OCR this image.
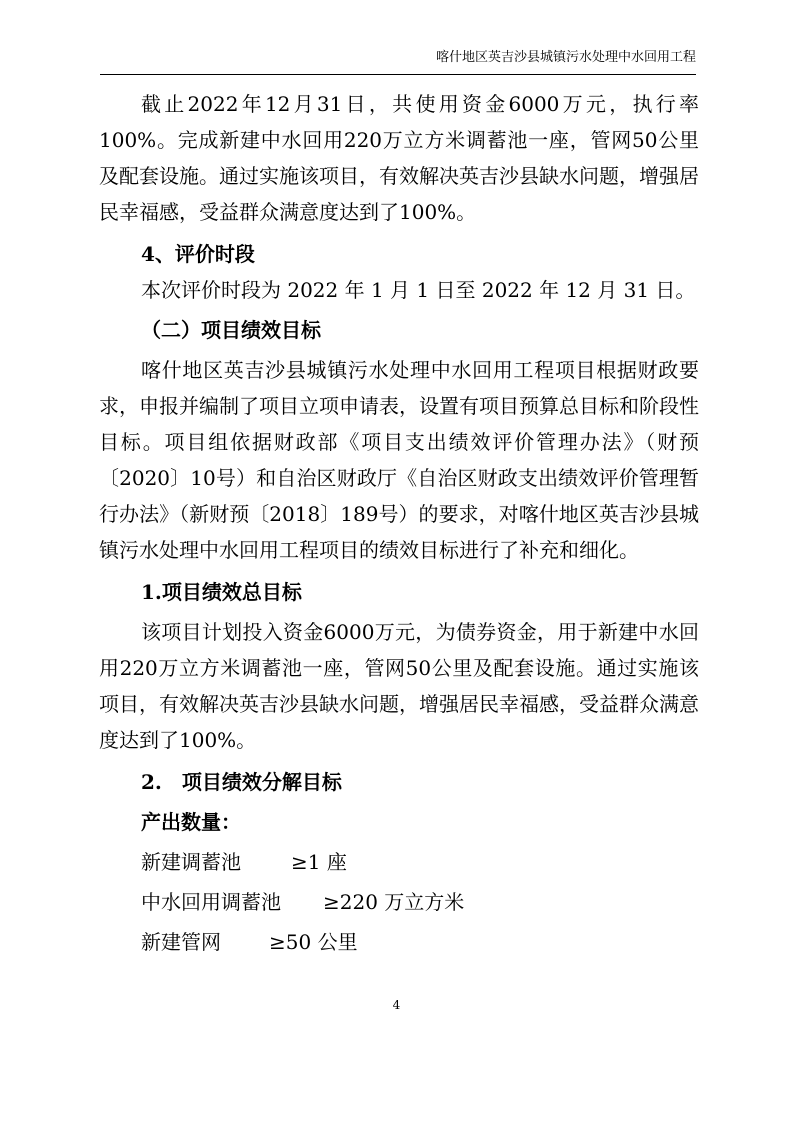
喀什地区英吉沙县城镇污水处理中水回用工程

截止2022年12月31日，共使用资金6000万元，执行率100%。完成新建中水回用220万立方米调蓄池一座，管网50公里及配套设施。通过实施该项目，有效解决英吉沙县缺水问题，增强居民幸福感，受益群众满意度达到了100%。

4、评价时段

本次评价时段为 2022 年 1 月 1 日至 2022 年 12 月 31 日。

（二）项目绩效目标

喀什地区英吉沙县城镇污水处理中水回用工程项目根据财政要求，申报并编制了项目立项申请表，设置有项目预算总目标和阶段性目标。项目组依据财政部《项目支出绩效评价管理办法》（财预〔2020〕10号）和自治区财政厅《自治区财政支出绩效评价管理暂行办法》（新财预〔2018〕189号）的要求，对喀什地区英吉沙县城镇污水处理中水回用工程项目的绩效目标进行了补充和细化。

1.项目绩效总目标

该项目计划投入资金6000万元，为债券资金，用于新建中水回用220万立方米调蓄池一座，管网50公里及配套设施。通过实施该项目，有效解决英吉沙县缺水问题，增强居民幸福感，受益群众满意度达到了100%。

2.　项目绩效分解目标

产出数量：

新建调蓄池	≥1 座

中水回用调蓄池 ≥220 万立方米

新建管网 ≥50 公里

4
